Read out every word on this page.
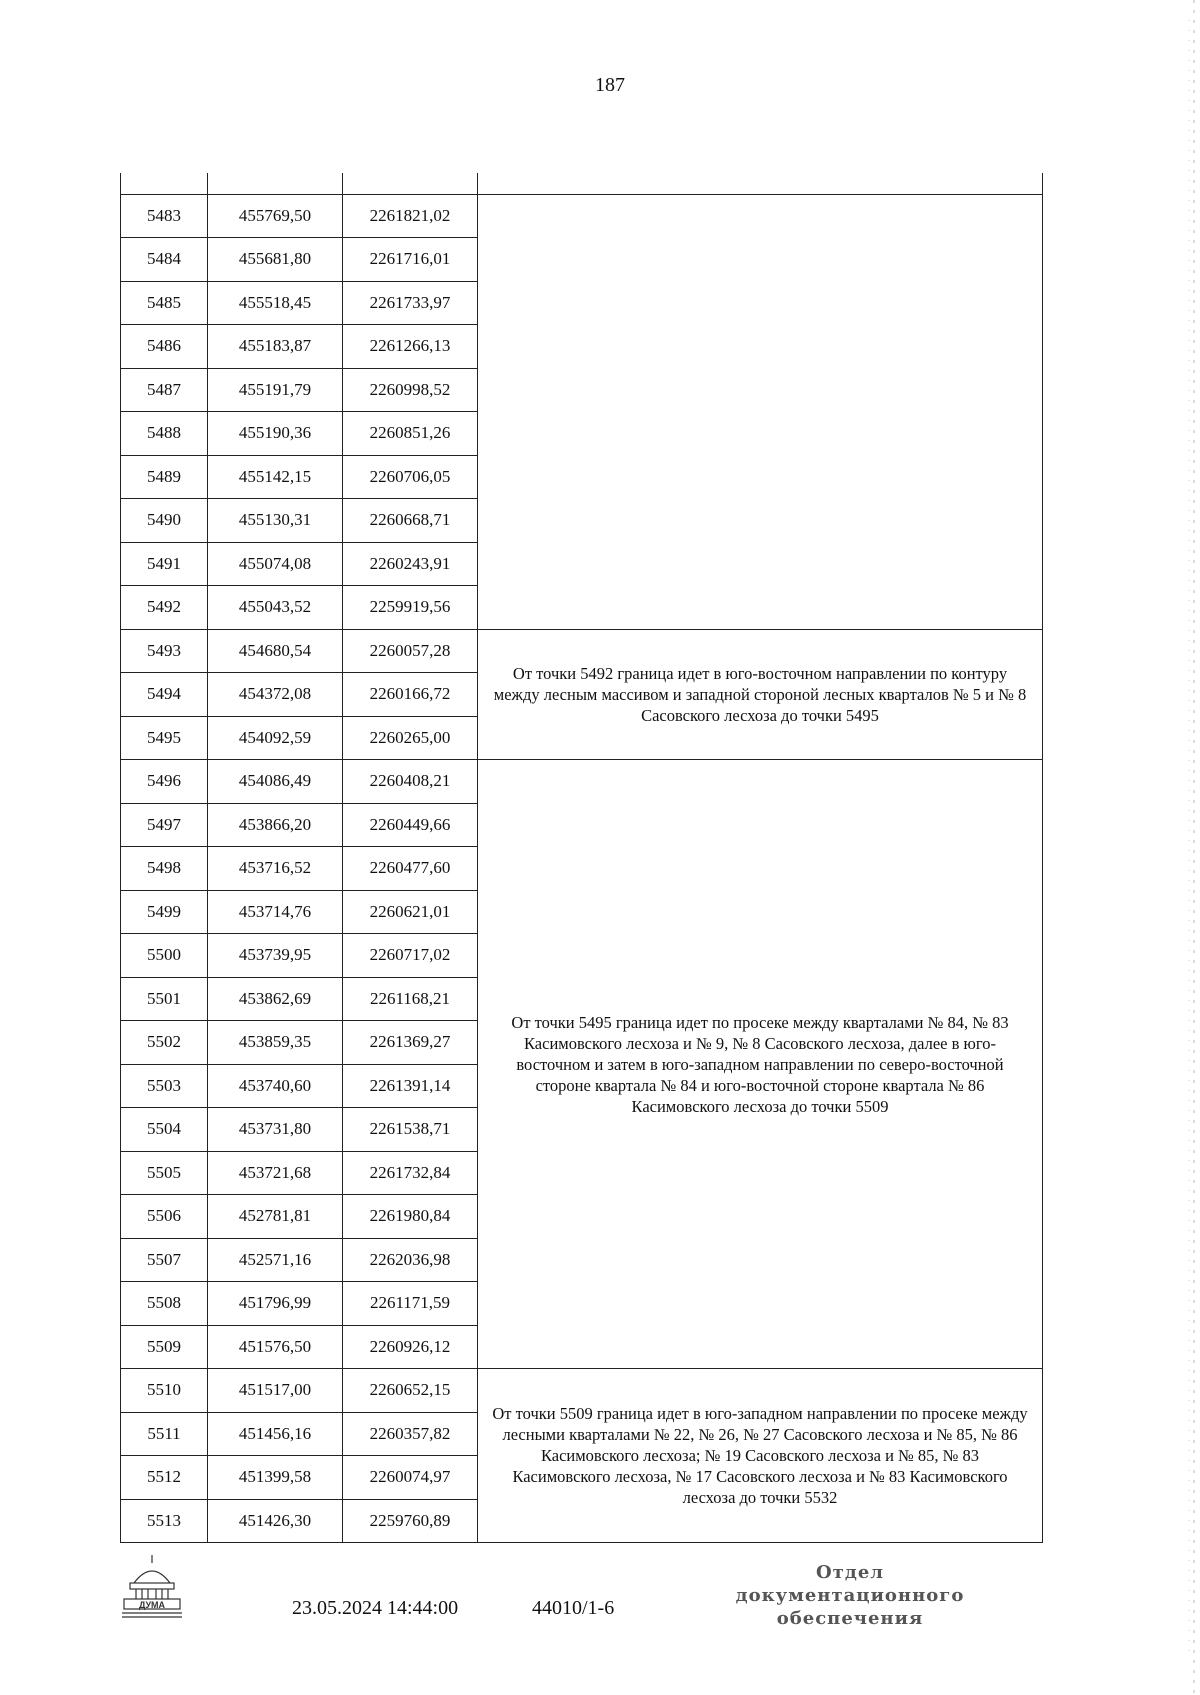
187

5483	455769,50	2261821,02	
5484	455681,80	2261716,01	
5485	455518,45	2261733,97	
5486	455183,87	2261266,13	
5487	455191,79	2260998,52	
5488	455190,36	2260851,26	
5489	455142,15	2260706,05	
5490	455130,31	2260668,71	
5491	455074,08	2260243,91	
5492	455043,52	2259919,56	
5493	454680,54	2260057,28	От точки 5492 граница идет в юго-восточном направлении по контуру между лесным массивом и западной стороной лесных кварталов № 5 и № 8 Сасовского лесхоза до точки 5495
5494	454372,08	2260166,72	
5495	454092,59	2260265,00	
5496	454086,49	2260408,21	От точки 5495 граница идет по просеке между кварталами № 84, № 83 Касимовского лесхоза и № 9, № 8 Сасовского лесхоза, далее в юго-восточном и затем в юго-западном направлении по северо-восточной стороне квартала № 84 и юго-восточной стороне квартала № 86 Касимовского лесхоза до точки 5509
5497	453866,20	2260449,66	
5498	453716,52	2260477,60	
5499	453714,76	2260621,01	
5500	453739,95	2260717,02	
5501	453862,69	2261168,21	
5502	453859,35	2261369,27	
5503	453740,60	2261391,14	
5504	453731,80	2261538,71	
5505	453721,68	2261732,84	
5506	452781,81	2261980,84	
5507	452571,16	2262036,98	
5508	451796,99	2261171,59	
5509	451576,50	2260926,12	
5510	451517,00	2260652,15	От точки 5509 граница идет в юго-западном направлении по просеке между лесными кварталами № 22, № 26, № 27 Сасовского лесхоза и № 85, № 86 Касимовского лесхоза; № 19 Сасовского лесхоза и № 85, № 83 Касимовского лесхоза, № 17 Сасовского лесхоза и № 83 Касимовского лесхоза до точки 5532
5511	451456,16	2260357,82	
5512	451399,58	2260074,97	
5513	451426,30	2259760,89	
ДУМА	23.05.2024 14:44:00	44010/1-6
Отдел документационного
обеспечения
